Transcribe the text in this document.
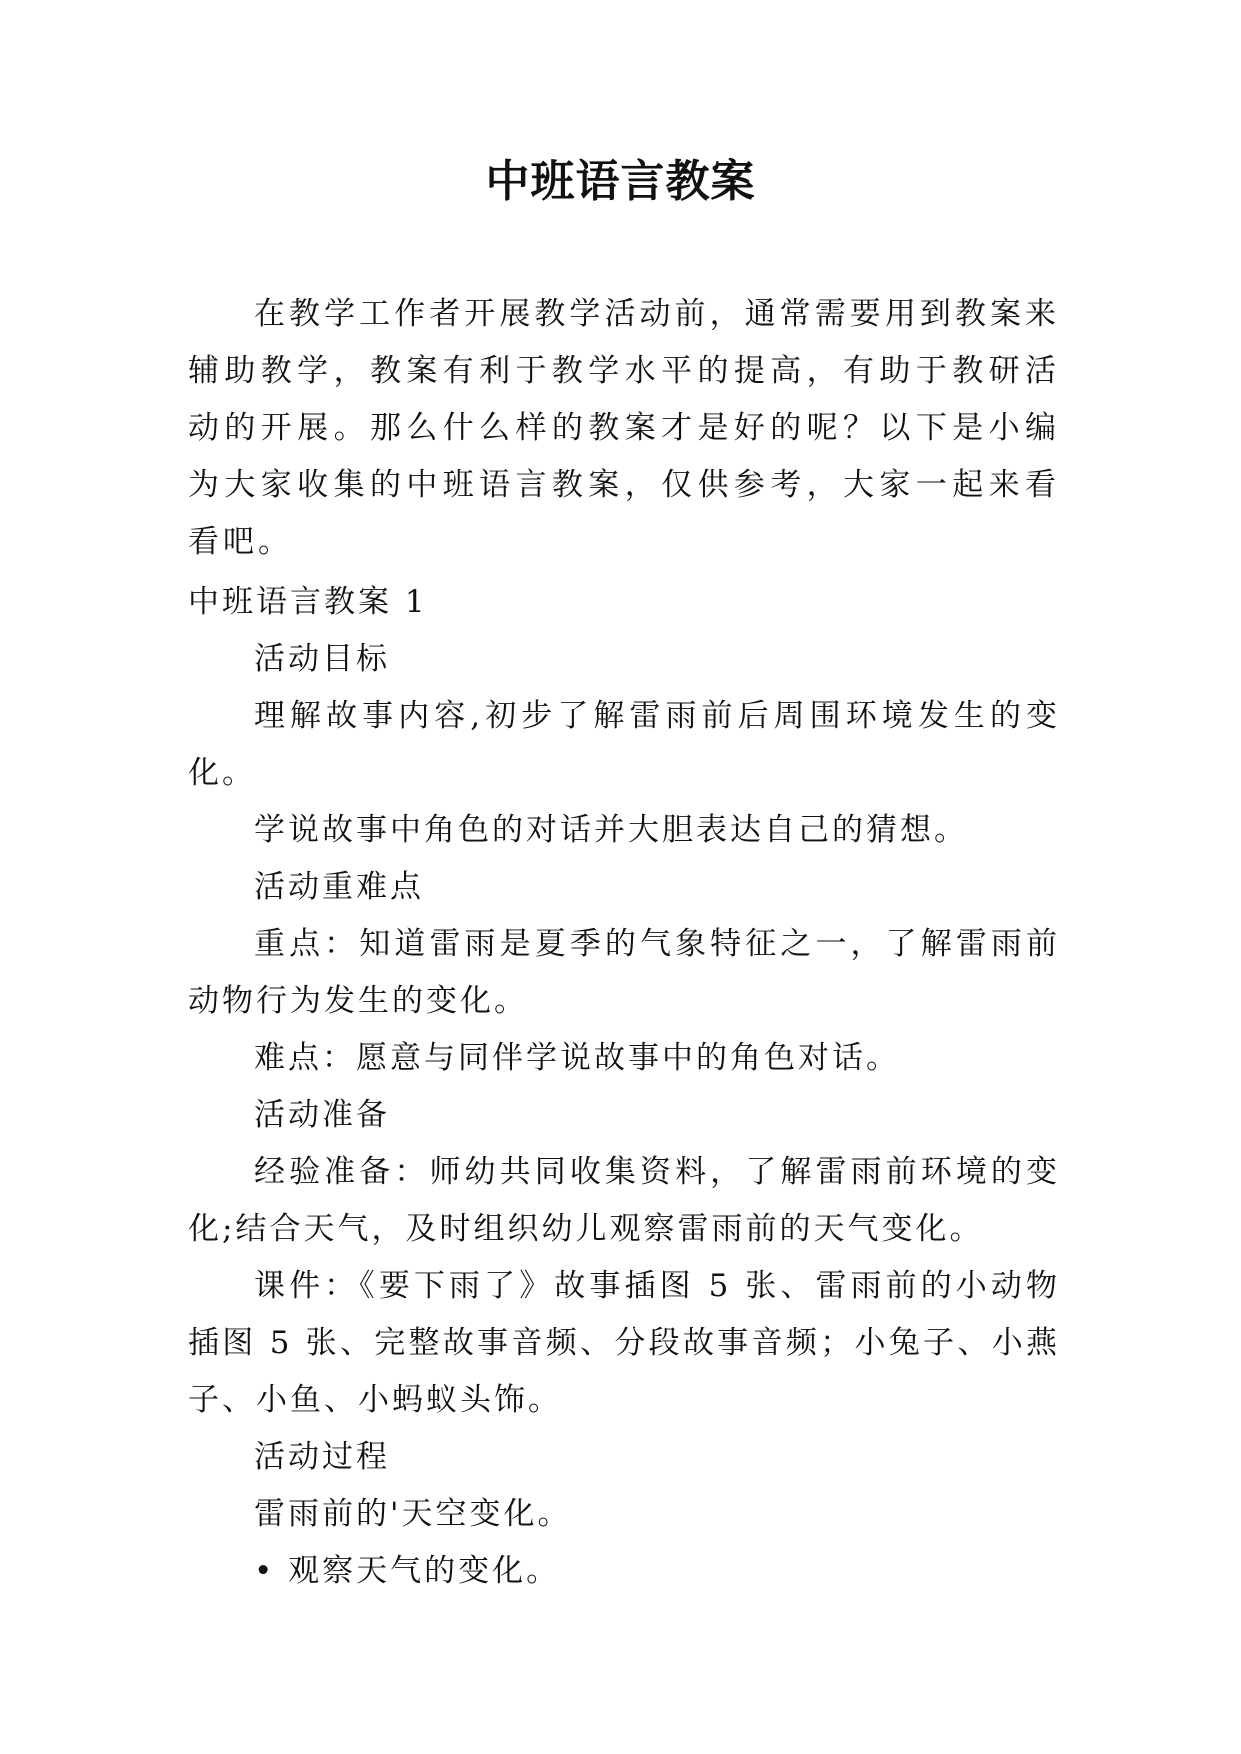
中班语言教案

在教学工作者开展教学活动前，通常需要用到教案来辅助教学，教案有利于教学水平的提高，有助于教研活动的开展。那么什么样的教案才是好的呢？以下是小编为大家收集的中班语言教案，仅供参考，大家一起来看看吧。

中班语言教案 1

活动目标

理解故事内容,初步了解雷雨前后周围环境发生的变化。

学说故事中角色的对话并大胆表达自己的猜想。

活动重难点

重点：知道雷雨是夏季的气象特征之一，了解雷雨前动物行为发生的变化。

难点：愿意与同伴学说故事中的角色对话。

活动准备

经验准备：师幼共同收集资料，了解雷雨前环境的变化;结合天气，及时组织幼儿观察雷雨前的天气变化。

课件：《要下雨了》故事插图 5 张、雷雨前的小动物插图 5 张、完整故事音频、分段故事音频；小兔子、小燕子、小鱼、小蚂蚁头饰。

活动过程

雷雨前的'天空变化。

• 观察天气的变化。
